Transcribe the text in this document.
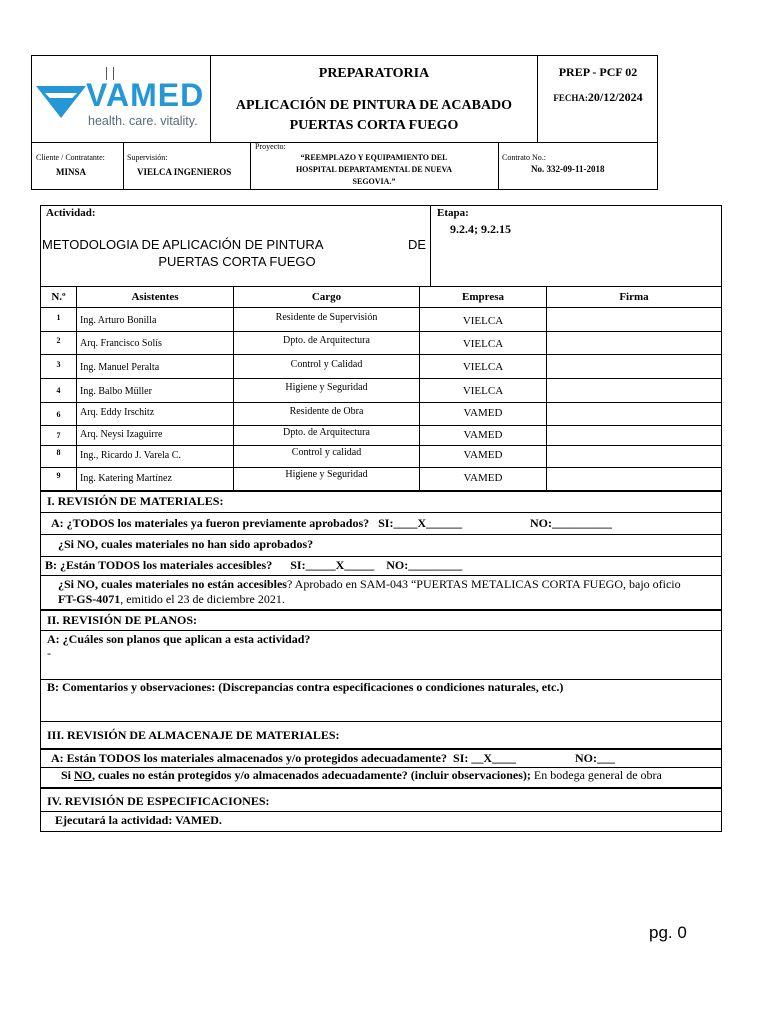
VAMED
health. care. vitality.
PREPARATORIA
APLICACIÓN DE PINTURA DE ACABADO
PUERTAS CORTA FUEGO
PREP - PCF 02
FECHA:20/12/2024
Cliente / Contratante:
MINSA
Supervisión:
VIELCA INGENIEROS
Proyecto:
“REEMPLAZO Y EQUIPAMIENTO DEL
HOSPITAL DEPARTAMENTAL DE NUEVA
SEGOVIA.”
Contrato No.:
No. 332-09-11-2018
Actividad:
METODOLOGIA DE APLICACIÓN DE PINTURA	DE
PUERTAS CORTA FUEGO
Etapa:
9.2.4; 9.2.15
N.º	Asistentes	Cargo	Empresa	Firma
1	Ing. Arturo Bonilla	Residente de Supervisión	VIELCA
2	Arq. Francisco Solís	Dpto. de Arquitectura	VIELCA
3	Ing. Manuel Peralta	Control y Calidad	VIELCA
4	Ing. Balbo Müller	Higiene y Seguridad	VIELCA
6	Arq. Eddy Irschitz	Residente de Obra	VAMED
7	Arq. Neysi Izaguirre	Dpto. de Arquitectura	VAMED
8	Ing., Ricardo J. Varela C.	Control y calidad	VAMED
9	Ing. Katering Martínez	Higiene y Seguridad	VAMED
I. REVISIÓN DE MATERIALES:
A: ¿TODOS los materiales ya fueron previamente aprobados? SI:____X______	NO:__________
¿Si NO, cuales materiales no han sido aprobados?
B: ¿Están TODOS los materiales accesibles? SI:_____X_____ NO:_________
¿Si NO, cuales materiales no están accesibles? Aprobado en SAM-043 “PUERTAS METALICAS CORTA FUEGO, bajo oficio
FT-GS-4071, emitido el 23 de diciembre 2021.
II. REVISIÓN DE PLANOS:
A: ¿Cuáles son planos que aplican a esta actividad?
-
B: Comentarios y observaciones: (Discrepancias contra especificaciones o condiciones naturales, etc.)
III. REVISIÓN DE ALMACENAJE DE MATERIALES:
A: Están TODOS los materiales almacenados y/o protegidos adecuadamente? SI: __X____	NO:___
Si NO, cuales no están protegidos y/o almacenados adecuadamente? (incluir observaciones); En bodega general de obra
IV. REVISIÓN DE ESPECIFICACIONES:
Ejecutará la actividad: VAMED.
pg. 0
